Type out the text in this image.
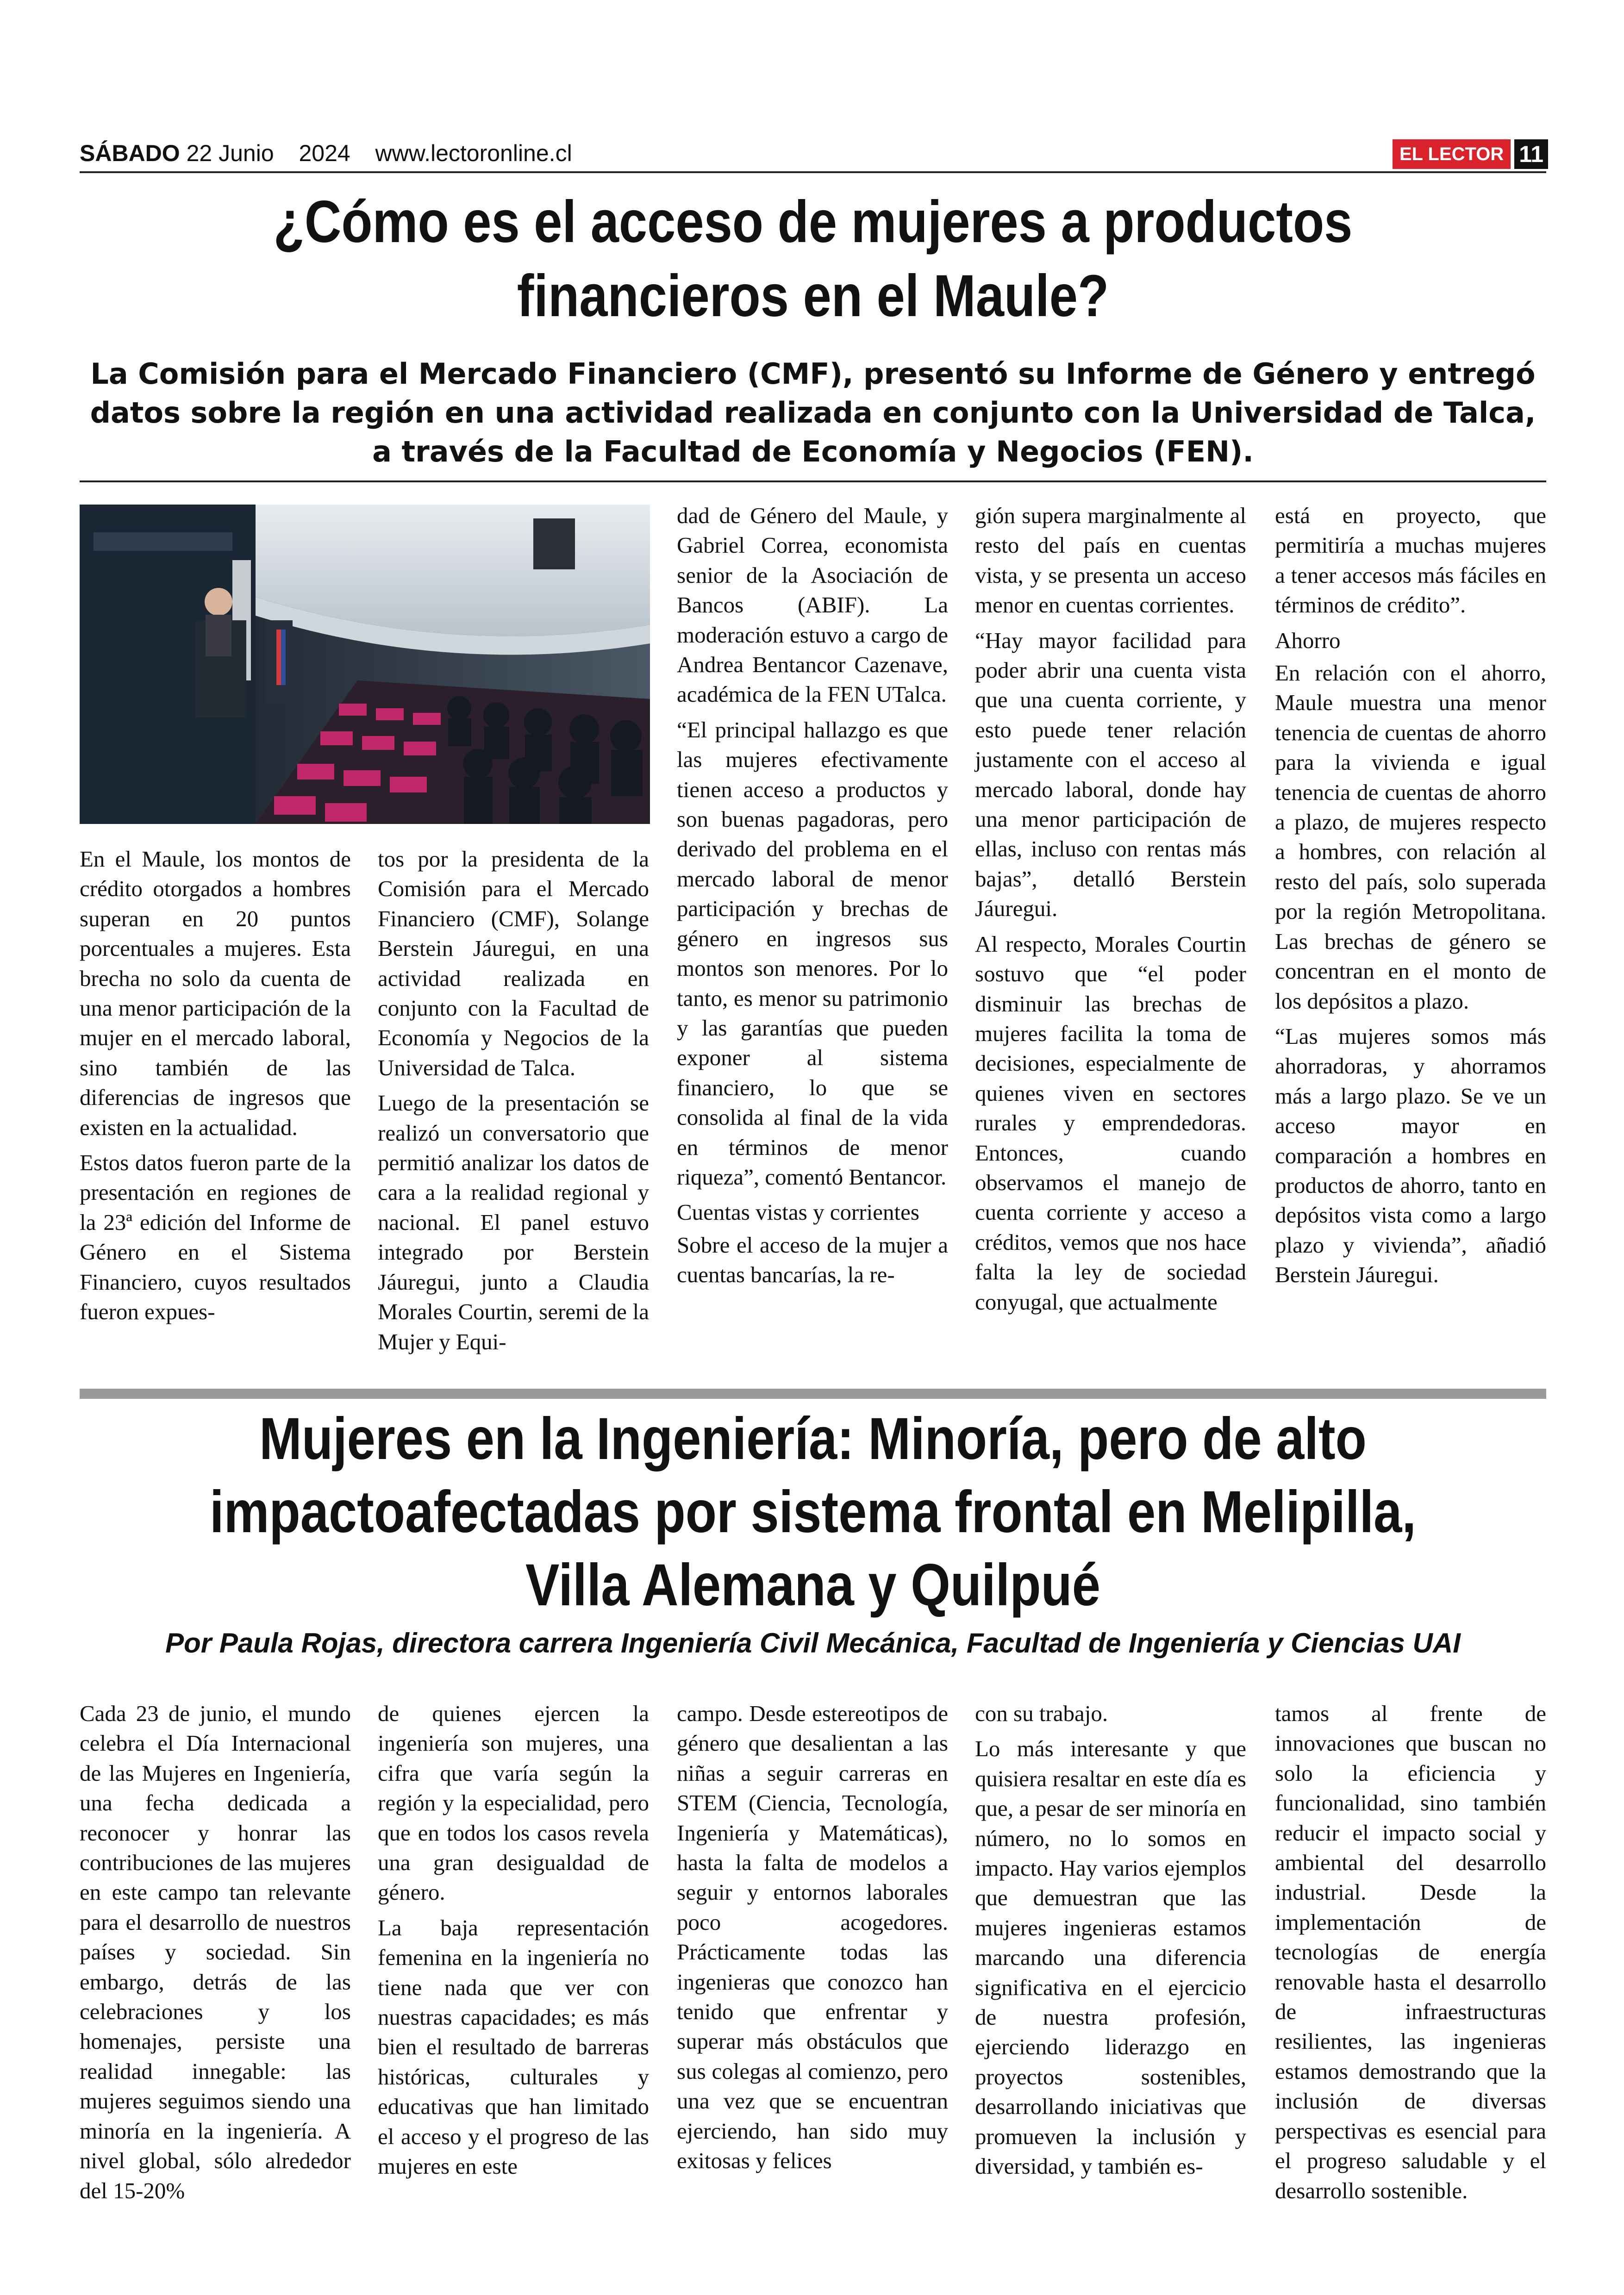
SÁBADO 22 Junio 2024 www.lectoronline.cl	EL LECTOR 11
¿Cómo es el acceso de mujeres a productos financieros en el Maule?
La Comisión para el Mercado Financiero (CMF), presentó su Informe de Género y entregó datos sobre la región en una actividad realizada en conjunto con la Universidad de Talca, a través de la Facultad de Economía y Negocios (FEN).

En el Maule, los montos de crédito otorgados a hombres superan en 20 puntos porcentuales a mujeres. Esta brecha no solo da cuenta de una menor participación de la mujer en el mercado laboral, sino también de las diferencias de ingresos que existen en la actualidad.

Estos datos fueron parte de la presentación en regiones de la 23ª edición del Informe de Género en el Sistema Financiero, cuyos resultados fueron expues-

tos por la presidenta de la Comisión para el Mercado Financiero (CMF), Solange Berstein Jáuregui, en una actividad realizada en conjunto con la Facultad de Economía y Negocios de la Universidad de Talca.

Luego de la presentación se realizó un conversatorio que permitió analizar los datos de cara a la realidad regional y nacional. El panel estuvo integrado por Berstein Jáuregui, junto a Claudia Morales Courtin, seremi de la Mujer y Equi-

dad de Género del Maule, y Gabriel Correa, economista senior de la Asociación de Bancos (ABIF). La moderación estuvo a cargo de Andrea Bentancor Cazenave, académica de la FEN UTalca.

“El principal hallazgo es que las mujeres efectivamente tienen acceso a productos y son buenas pagadoras, pero derivado del problema en el mercado laboral de menor participación y brechas de género en ingresos sus montos son menores. Por lo tanto, es menor su patrimonio y las garantías que pueden exponer al sistema financiero, lo que se consolida al final de la vida en términos de menor riqueza”, comentó Bentancor.

Cuentas vistas y corrientes

Sobre el acceso de la mujer a cuentas bancarías, la re-

gión supera marginalmente al resto del país en cuentas vista, y se presenta un acceso menor en cuentas corrientes.

“Hay mayor facilidad para poder abrir una cuenta vista que una cuenta corriente, y esto puede tener relación justamente con el acceso al mercado laboral, donde hay una menor participación de ellas, incluso con rentas más bajas”, detalló Berstein Jáuregui.

Al respecto, Morales Courtin sostuvo que “el poder disminuir las brechas de mujeres facilita la toma de decisiones, especialmente de quienes viven en sectores rurales y emprendedoras. Entonces, cuando observamos el manejo de cuenta corriente y acceso a créditos, vemos que nos hace falta la ley de sociedad conyugal, que actualmente

está en proyecto, que permitiría a muchas mujeres a tener accesos más fáciles en términos de crédito”.

Ahorro

En relación con el ahorro, Maule muestra una menor tenencia de cuentas de ahorro para la vivienda e igual tenencia de cuentas de ahorro a plazo, de mujeres respecto a hombres, con relación al resto del país, solo superada por la región Metropolitana. Las brechas de género se concentran en el monto de los depósitos a plazo.

“Las mujeres somos más ahorradoras, y ahorramos más a largo plazo. Se ve un acceso mayor en comparación a hombres en productos de ahorro, tanto en depósitos vista como a largo plazo y vivienda”, añadió Berstein Jáuregui.

Mujeres en la Ingeniería: Minoría, pero de alto impactoafectadas por sistema frontal en Melipilla, Villa Alemana y Quilpué
Por Paula Rojas, directora carrera Ingeniería Civil Mecánica, Facultad de Ingeniería y Ciencias UAI

Cada 23 de junio, el mundo celebra el Día Internacional de las Mujeres en Ingeniería, una fecha dedicada a reconocer y honrar las contribuciones de las mujeres en este campo tan relevante para el desarrollo de nuestros países y sociedad. Sin embargo, detrás de las celebraciones y los homenajes, persiste una realidad innegable: las mujeres seguimos siendo una minoría en la ingeniería. A nivel global, sólo alrededor del 15-20%

de quienes ejercen la ingeniería son mujeres, una cifra que varía según la región y la especialidad, pero que en todos los casos revela una gran desigualdad de género.

La baja representación femenina en la ingeniería no tiene nada que ver con nuestras capacidades; es más bien el resultado de barreras históricas, culturales y educativas que han limitado el acceso y el progreso de las mujeres en este

campo. Desde estereotipos de género que desalientan a las niñas a seguir carreras en STEM (Ciencia, Tecnología, Ingeniería y Matemáticas), hasta la falta de modelos a seguir y entornos laborales poco acogedores. Prácticamente todas las ingenieras que conozco han tenido que enfrentar y superar más obstáculos que sus colegas al comienzo, pero una vez que se encuentran ejerciendo, han sido muy exitosas y felices

con su trabajo.

Lo más interesante y que quisiera resaltar en este día es que, a pesar de ser minoría en número, no lo somos en impacto. Hay varios ejemplos que demuestran que las mujeres ingenieras estamos marcando una diferencia significativa en el ejercicio de nuestra profesión, ejerciendo liderazgo en proyectos sostenibles, desarrollando iniciativas que promueven la inclusión y diversidad, y también es-

tamos al frente de innovaciones que buscan no solo la eficiencia y funcionalidad, sino también reducir el impacto social y ambiental del desarrollo industrial. Desde la implementación de tecnologías de energía renovable hasta el desarrollo de infraestructuras resilientes, las ingenieras estamos demostrando que la inclusión de diversas perspectivas es esencial para el progreso saludable y el desarrollo sostenible.
